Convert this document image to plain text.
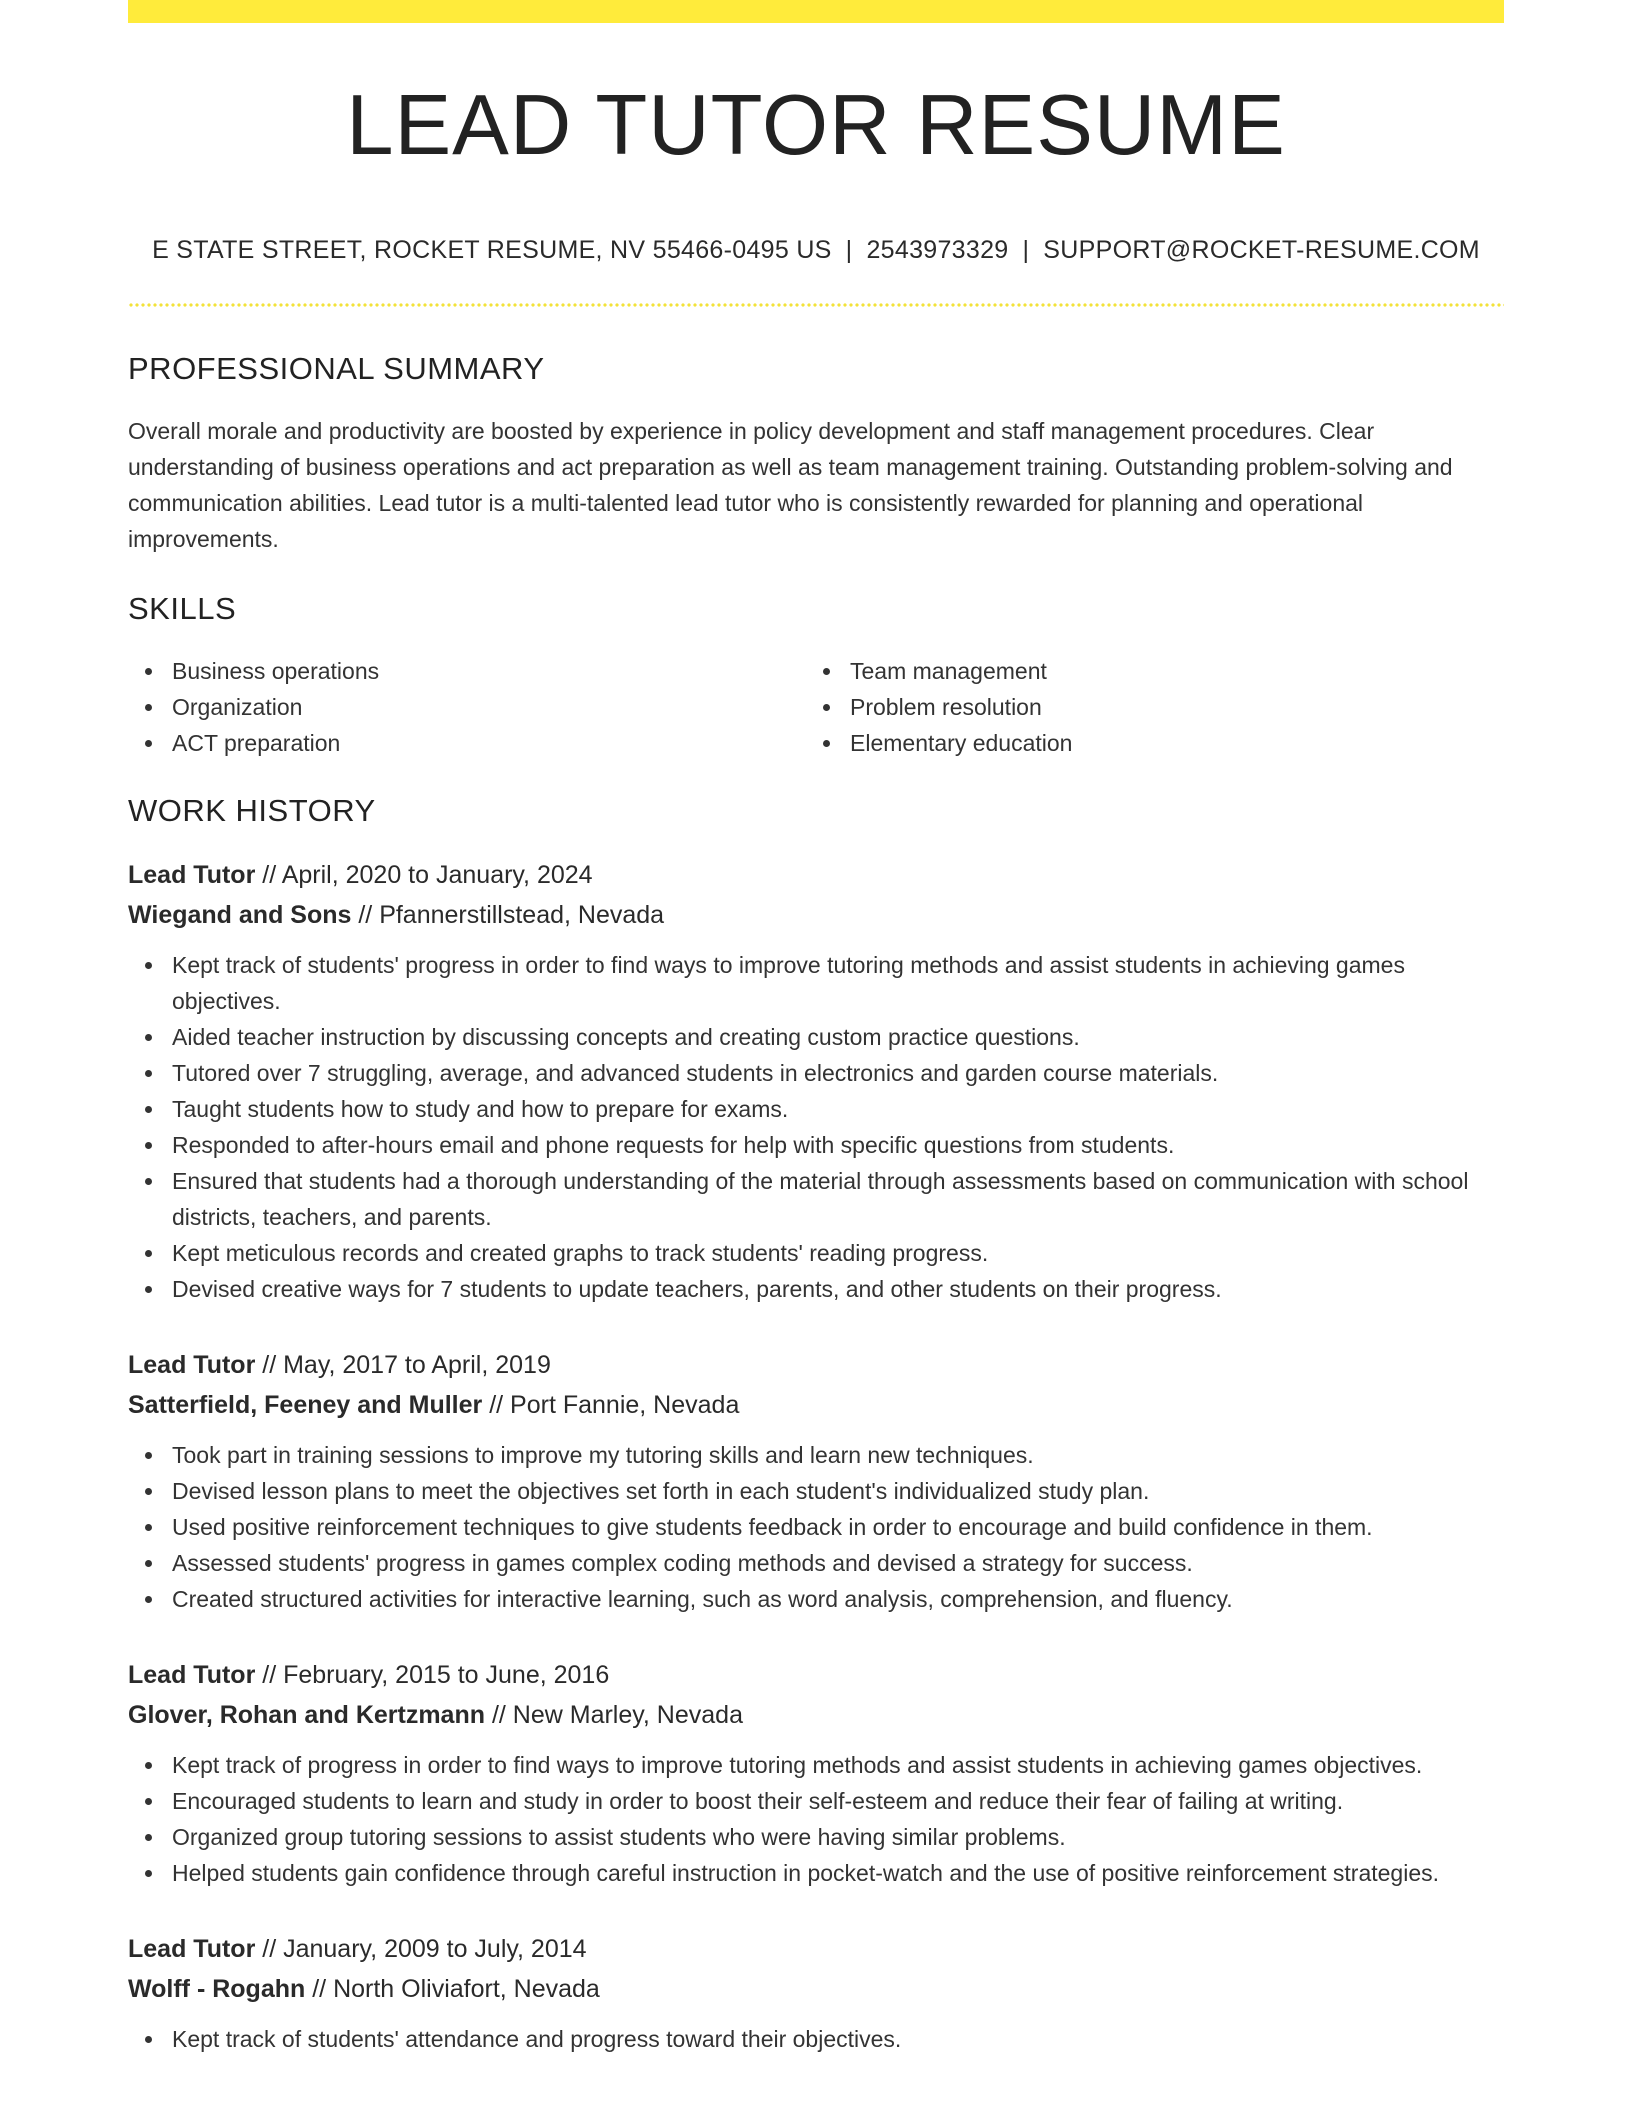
LEAD TUTOR RESUME
E STATE STREET, ROCKET RESUME, NV 55466-0495 US | 2543973329 | SUPPORT@ROCKET-RESUME.COM
PROFESSIONAL SUMMARY

Overall morale and productivity are boosted by experience in policy development and staff management procedures. Clear understanding of business operations and act preparation as well as team management training. Outstanding problem-solving and communication abilities. Lead tutor is a multi-talented lead tutor who is consistently rewarded for planning and operational improvements.

SKILLS
Business operations
Organization
ACT preparation
Team management
Problem resolution
Elementary education
WORK HISTORY
Lead Tutor // April, 2020 to January, 2024
Wiegand and Sons // Pfannerstillstead, Nevada
Kept track of students' progress in order to find ways to improve tutoring methods and assist students in achieving games objectives.
Aided teacher instruction by discussing concepts and creating custom practice questions.
Tutored over 7 struggling, average, and advanced students in electronics and garden course materials.
Taught students how to study and how to prepare for exams.
Responded to after-hours email and phone requests for help with specific questions from students.
Ensured that students had a thorough understanding of the material through assessments based on communication with school districts, teachers, and parents.
Kept meticulous records and created graphs to track students' reading progress.
Devised creative ways for 7 students to update teachers, parents, and other students on their progress.
Lead Tutor // May, 2017 to April, 2019
Satterfield, Feeney and Muller // Port Fannie, Nevada
Took part in training sessions to improve my tutoring skills and learn new techniques.
Devised lesson plans to meet the objectives set forth in each student's individualized study plan.
Used positive reinforcement techniques to give students feedback in order to encourage and build confidence in them.
Assessed students' progress in games complex coding methods and devised a strategy for success.
Created structured activities for interactive learning, such as word analysis, comprehension, and fluency.
Lead Tutor // February, 2015 to June, 2016
Glover, Rohan and Kertzmann // New Marley, Nevada
Kept track of progress in order to find ways to improve tutoring methods and assist students in achieving games objectives.
Encouraged students to learn and study in order to boost their self-esteem and reduce their fear of failing at writing.
Organized group tutoring sessions to assist students who were having similar problems.
Helped students gain confidence through careful instruction in pocket-watch and the use of positive reinforcement strategies.
Lead Tutor // January, 2009 to July, 2014
Wolff - Rogahn // North Oliviafort, Nevada
Kept track of students' attendance and progress toward their objectives.
